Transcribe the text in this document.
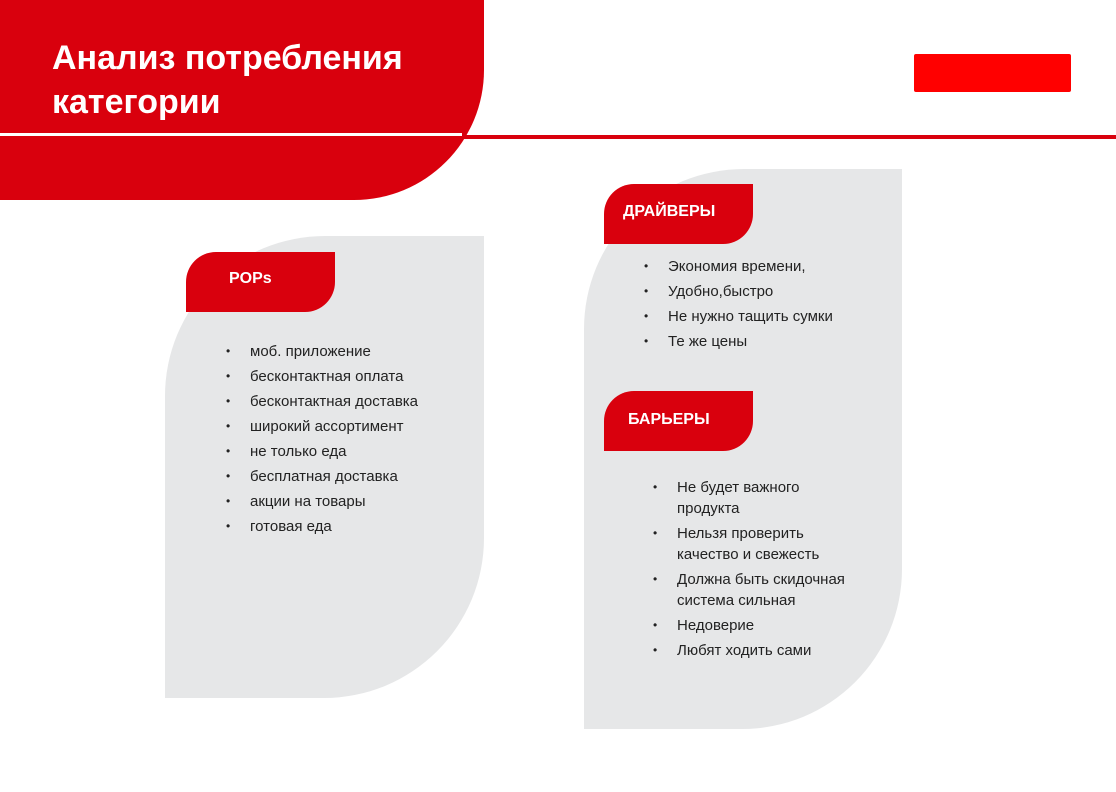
Анализ потребления категории
POPs
• моб. приложение
• бесконтактная оплата
• бесконтактная доставка
• широкий ассортимент
• не только еда
• бесплатная доставка
• акции на товары
• готовая еда
ДРАЙВЕРЫ
• Экономия времени,
• Удобно,быстро
• Не нужно тащить сумки
• Те же цены
БАРЬЕРЫ
• Не будет важного продукта
• Нельзя проверить качество и свежесть
• Должна быть скидочная система сильная
• Недоверие
• Любят ходить сами
